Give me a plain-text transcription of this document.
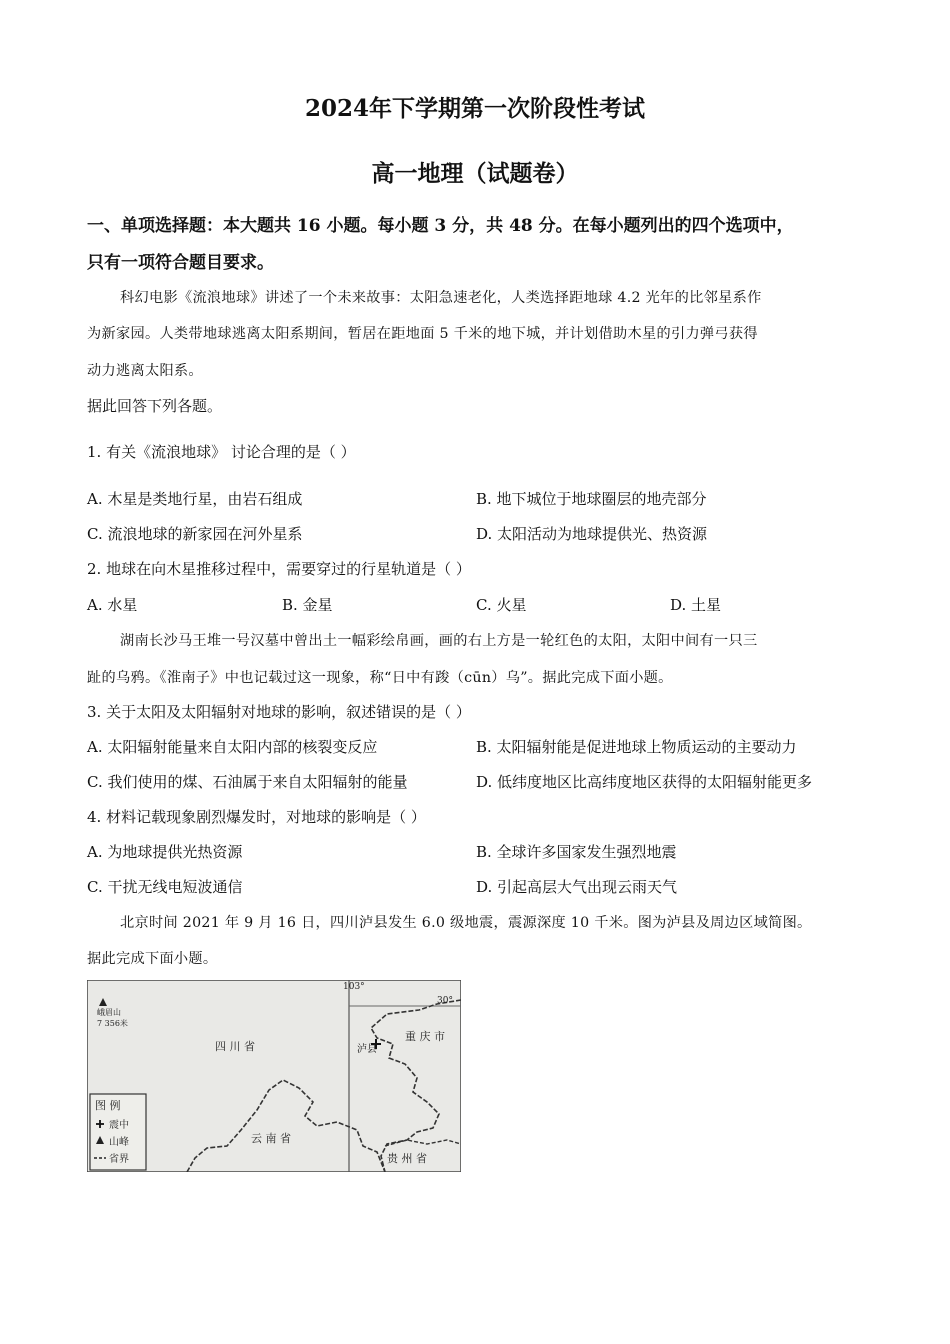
2024年下学期第一次阶段性考试
高一地理（试题卷）
一、单项选择题：本大题共 16 小题。每小题 3 分，共 48 分。在每小题列出的四个选项中，
只有一项符合题目要求。
科幻电影《流浪地球》讲述了一个未来故事：太阳急速老化，人类选择距地球 4.2 光年的比邻星系作
为新家园。人类带地球逃离太阳系期间，暂居在距地面 5 千米的地下城，并计划借助木星的引力弹弓获得
动力逃离太阳系。
据此回答下列各题。
1. 有关《流浪地球》 讨论合理的是（ ）
A. 木星是类地行星，由岩石组成	B. 地下城位于地球圈层的地壳部分
C. 流浪地球的新家园在河外星系	D. 太阳活动为地球提供光、热资源
2. 地球在向木星推移过程中，需要穿过的行星轨道是（ ）
A. 水星	B. 金星	C. 火星	D. 土星
湖南长沙马王堆一号汉墓中曾出土一幅彩绘帛画，画的右上方是一轮红色的太阳，太阳中间有一只三
趾的乌鸦。《淮南子》中也记载过这一现象，称“日中有踆（cūn）乌”。据此完成下面小题。
3. 关于太阳及太阳辐射对地球的影响，叙述错误的是（ ）
A. 太阳辐射能量来自太阳内部的核裂变反应	B. 太阳辐射能是促进地球上物质运动的主要动力
C. 我们使用的煤、石油属于来自太阳辐射的能量	D. 低纬度地区比高纬度地区获得的太阳辐射能更多
4. 材料记载现象剧烈爆发时，对地球的影响是（ ）
A. 为地球提供光热资源	B. 全球许多国家发生强烈地震
C. 干扰无线电短波通信	D. 引起高层大气出现云雨天气
北京时间 2021 年 9 月 16 日，四川泸县发生 6.0 级地震，震源深度 10 千米。图为泸县及周边区域简图。
据此完成下面小题。
103°
30°
峨眉山
7 356米
四 川 省
重 庆 市
泸县
云 南 省
贵 州 省
图 例
震中
山峰
省界
